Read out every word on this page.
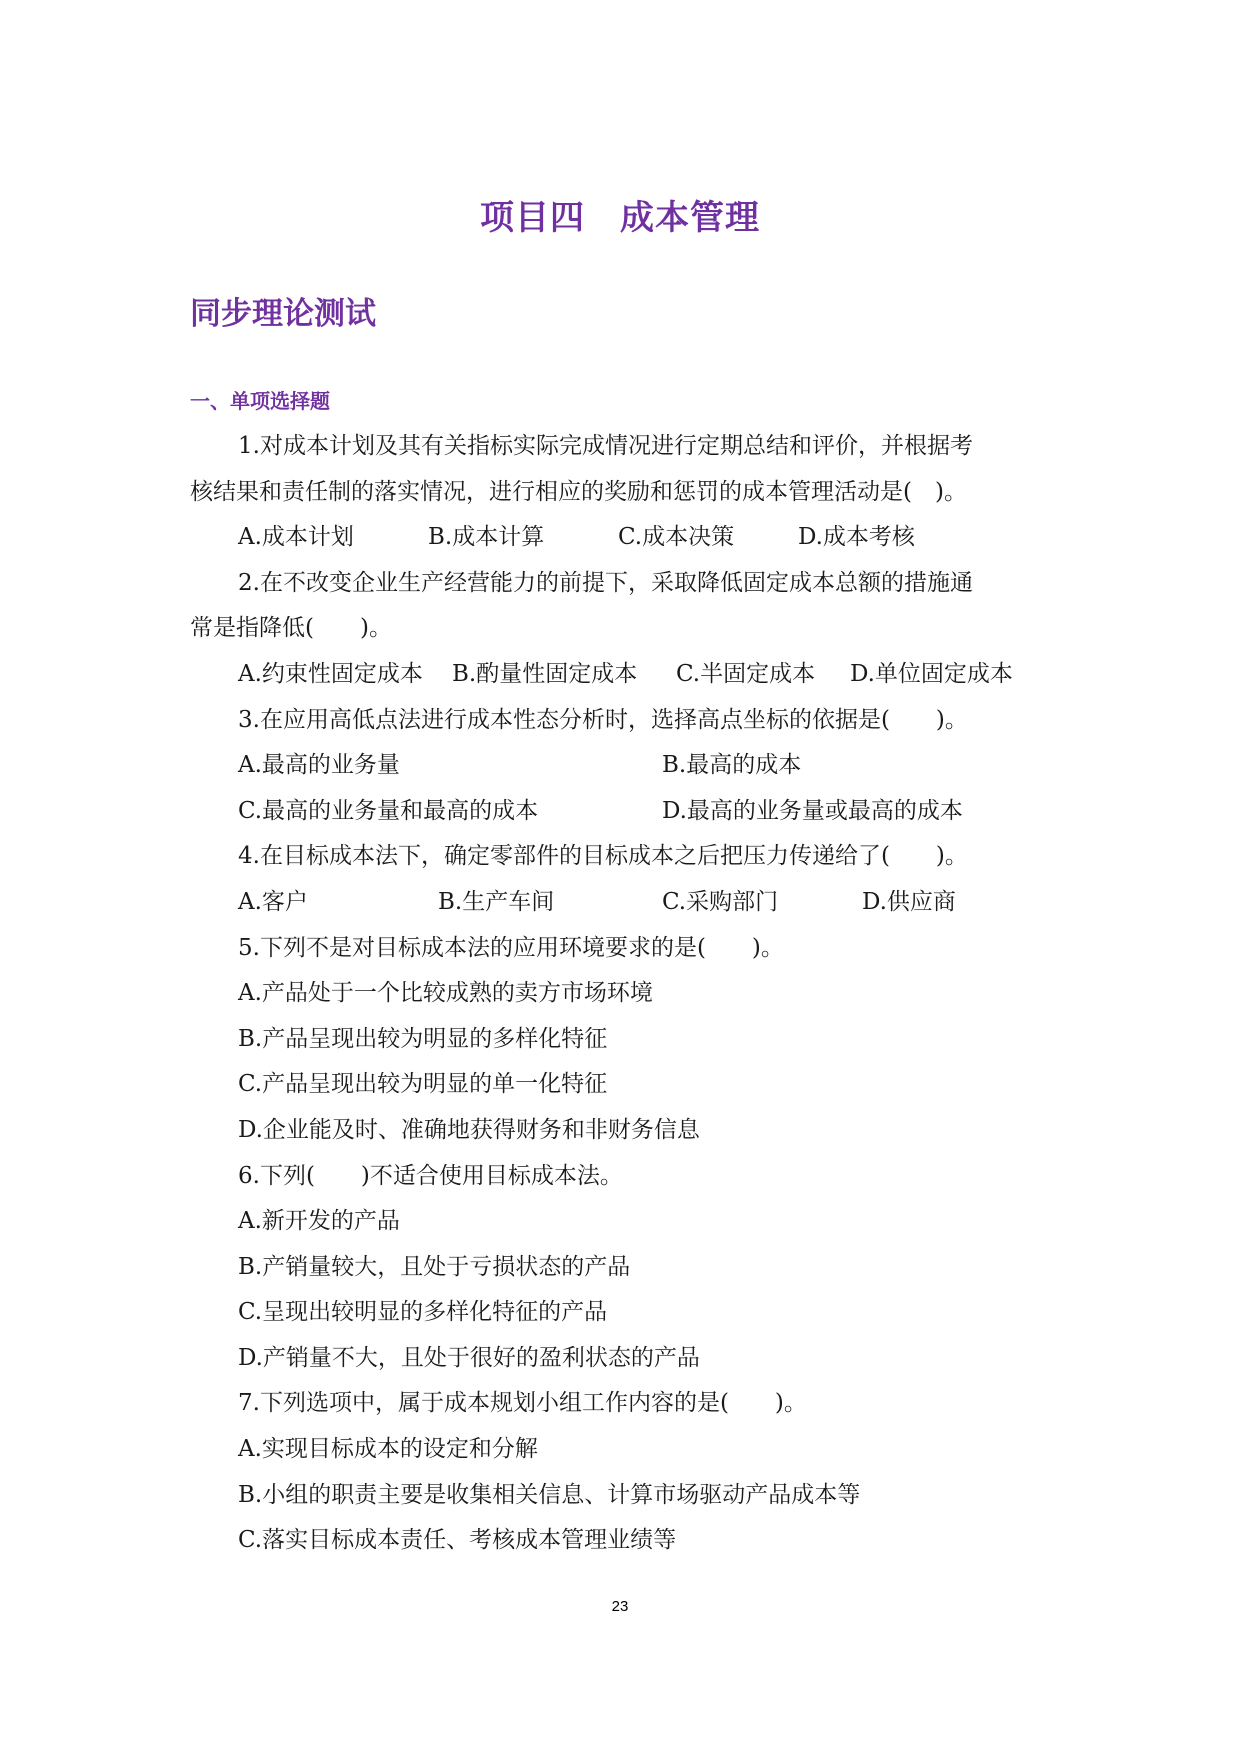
项目四　成本管理
同步理论测试
一、单项选择题
1.对成本计划及其有关指标实际完成情况进行定期总结和评价，并根据考
核结果和责任制的落实情况，进行相应的奖励和惩罚的成本管理活动是(　)。
A.成本计划	B.成本计算	C.成本决策	D.成本考核
2.在不改变企业生产经营能力的前提下，采取降低固定成本总额的措施通
常是指降低(　　)。
A.约束性固定成本 B.酌量性固定成本 C.半固定成本 D.单位固定成本
3.在应用高低点法进行成本性态分析时，选择高点坐标的依据是(　　)。
A.最高的业务量	B.最高的成本
C.最高的业务量和最高的成本	D.最高的业务量或最高的成本
4.在目标成本法下，确定零部件的目标成本之后把压力传递给了(　　)。
A.客户	B.生产车间	C.采购部门	D.供应商
5.下列不是对目标成本法的应用环境要求的是(　　)。
A.产品处于一个比较成熟的卖方市场环境
B.产品呈现出较为明显的多样化特征
C.产品呈现出较为明显的单一化特征
D.企业能及时、准确地获得财务和非财务信息
6.下列(　　)不适合使用目标成本法。
A.新开发的产品
B.产销量较大，且处于亏损状态的产品
C.呈现出较明显的多样化特征的产品
D.产销量不大，且处于很好的盈利状态的产品
7.下列选项中，属于成本规划小组工作内容的是(　　)。
A.实现目标成本的设定和分解
B.小组的职责主要是收集相关信息、计算市场驱动产品成本等
C.落实目标成本责任、考核成本管理业绩等
23
